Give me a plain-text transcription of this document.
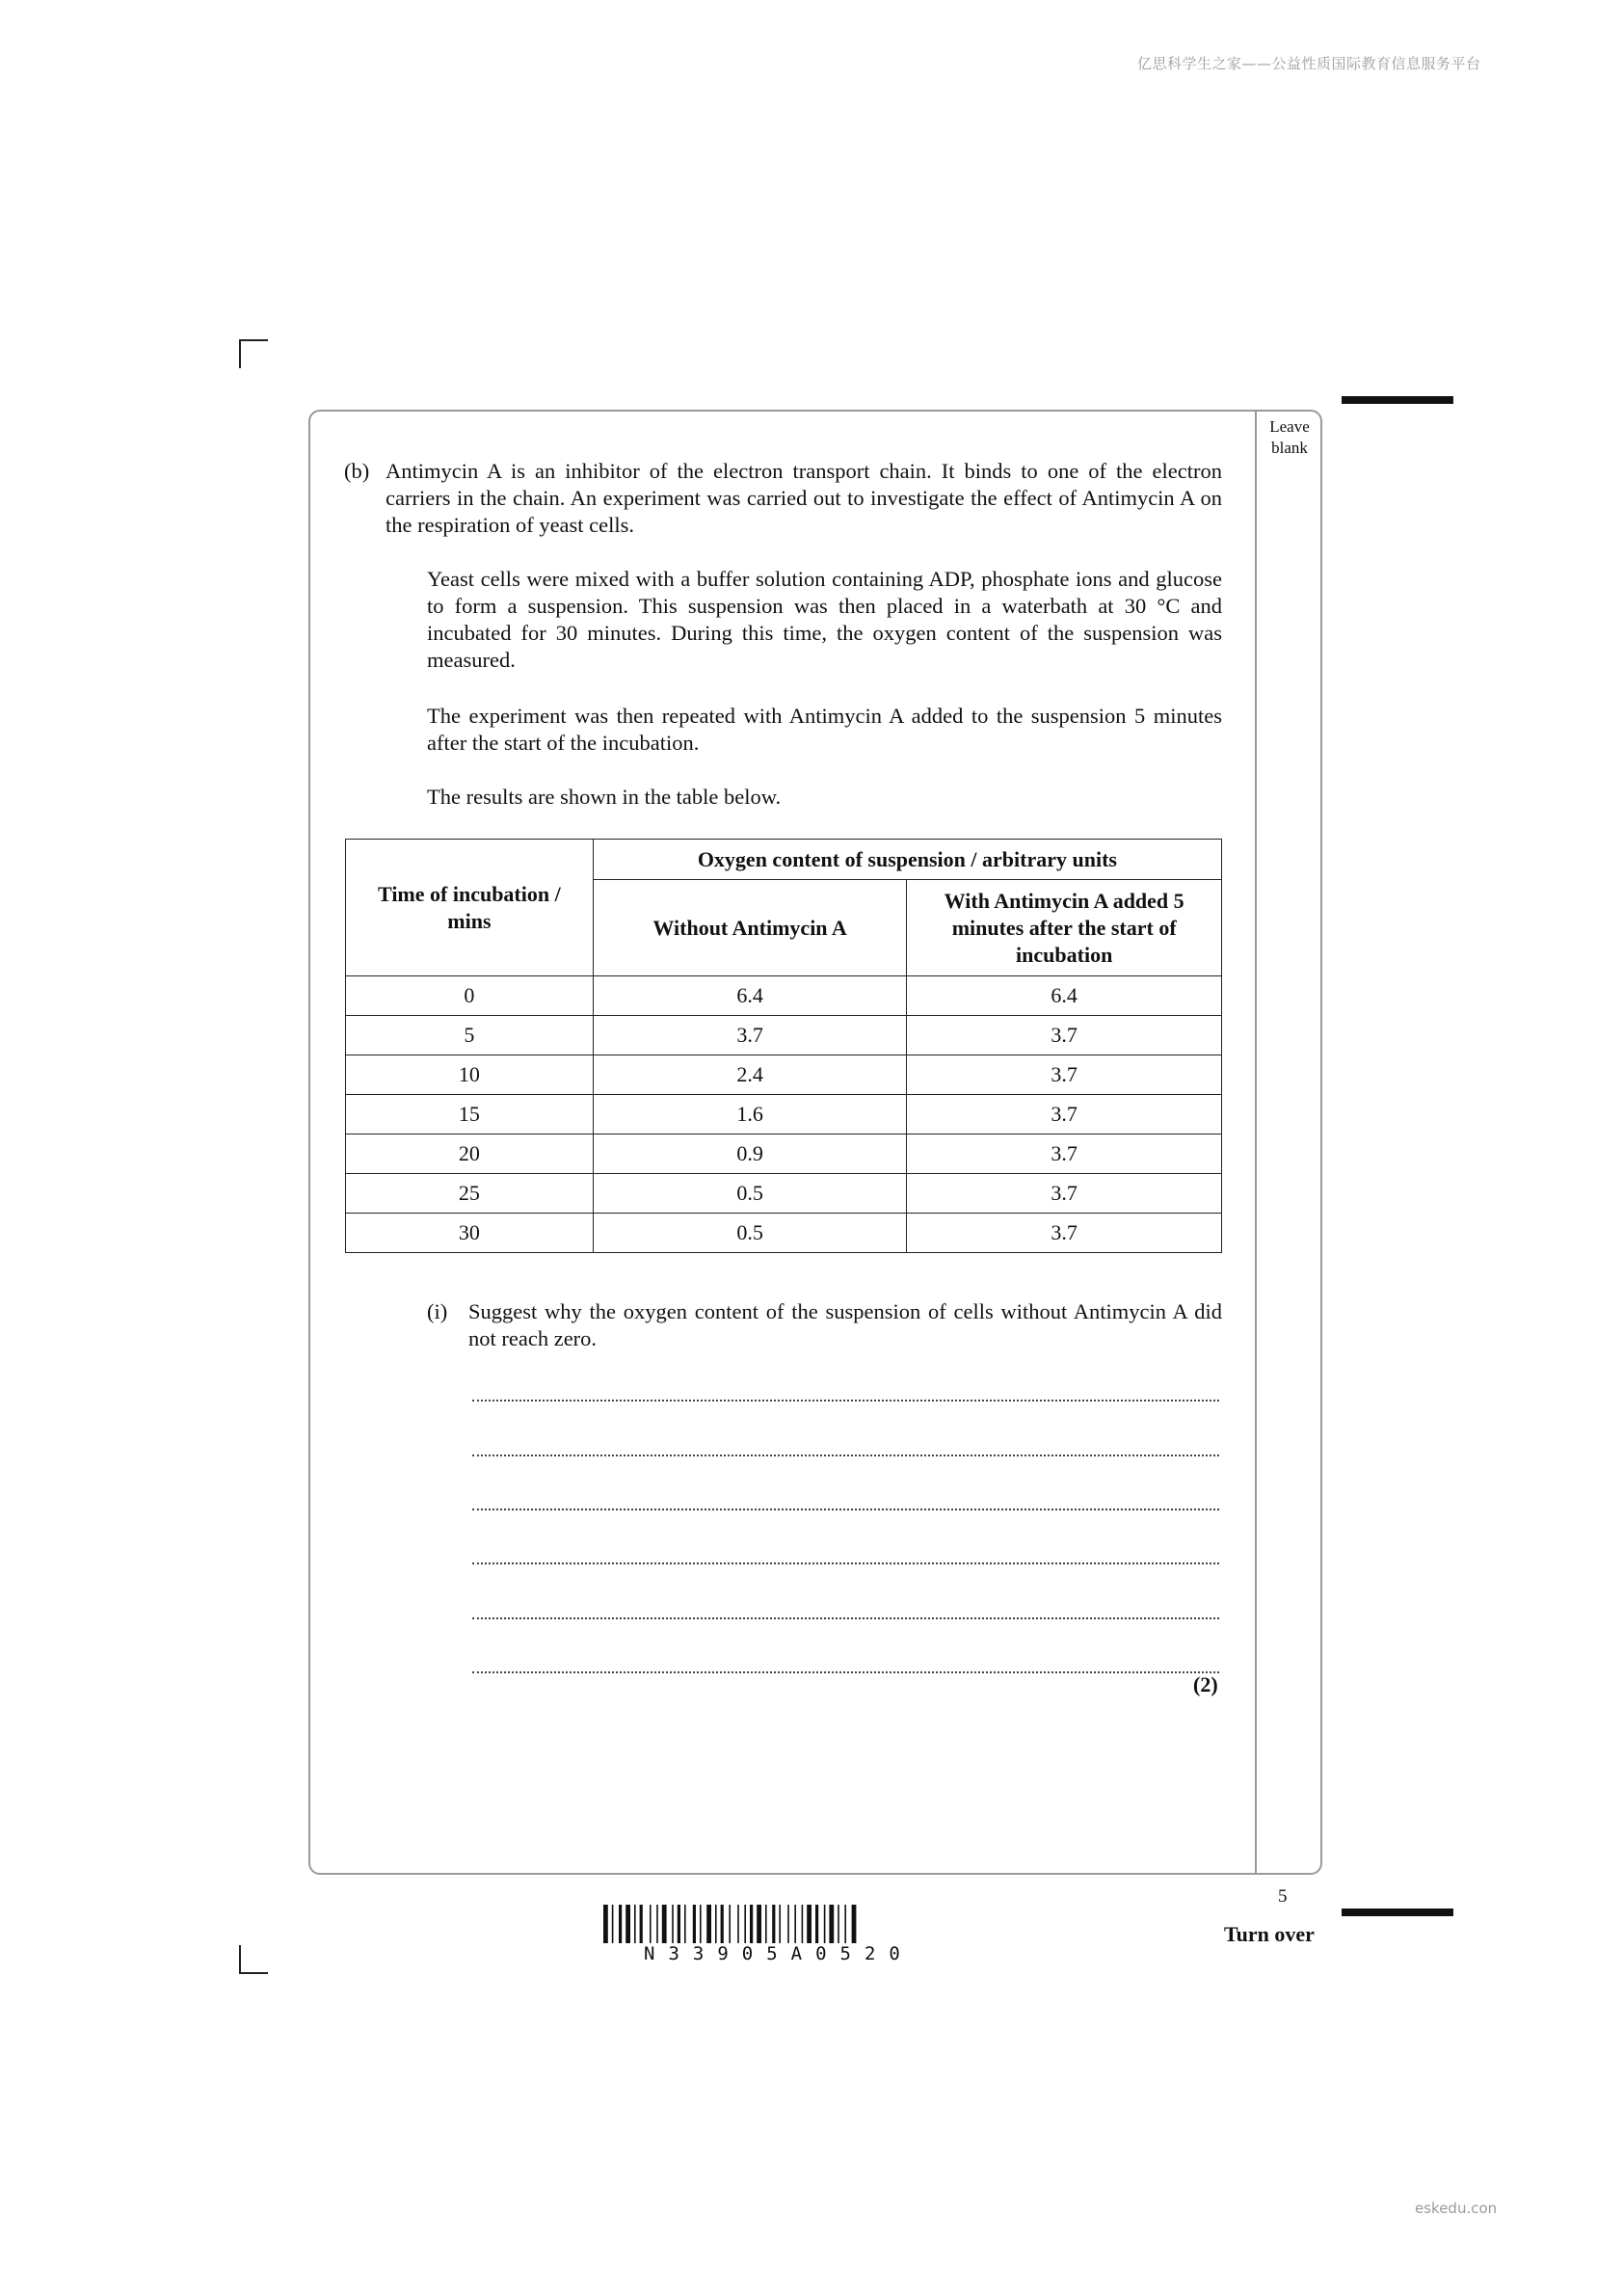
亿思科学生之家——公益性质国际教育信息服务平台
eskedu.con
Leave blank
(b) Antimycin A is an inhibitor of the electron transport chain. It binds to one of the electron carriers in the chain. An experiment was carried out to investigate the effect of Antimycin A on the respiration of yeast cells.

Yeast cells were mixed with a buffer solution containing ADP, phosphate ions and glucose to form a suspension. This suspension was then placed in a waterbath at 30 °C and incubated for 30 minutes. During this time, the oxygen content of the suspension was measured.

The experiment was then repeated with Antimycin A added to the suspension 5 minutes after the start of the incubation.

The results are shown in the table below.

Time of incubation / mins	Oxygen content of suspension / arbitrary units	
	Without Antimycin A	With Antimycin A added 5 minutes after the start of incubation
0	6.4	6.4
5	3.7	3.7
10	2.4	3.7
15	1.6	3.7
20	0.9	3.7
25	0.5	3.7
30	0.5	3.7
(i) Suggest why the oxygen content of the suspension of cells without Antimycin A did not reach zero.
(2)
5
Turn over
N33905A0520
